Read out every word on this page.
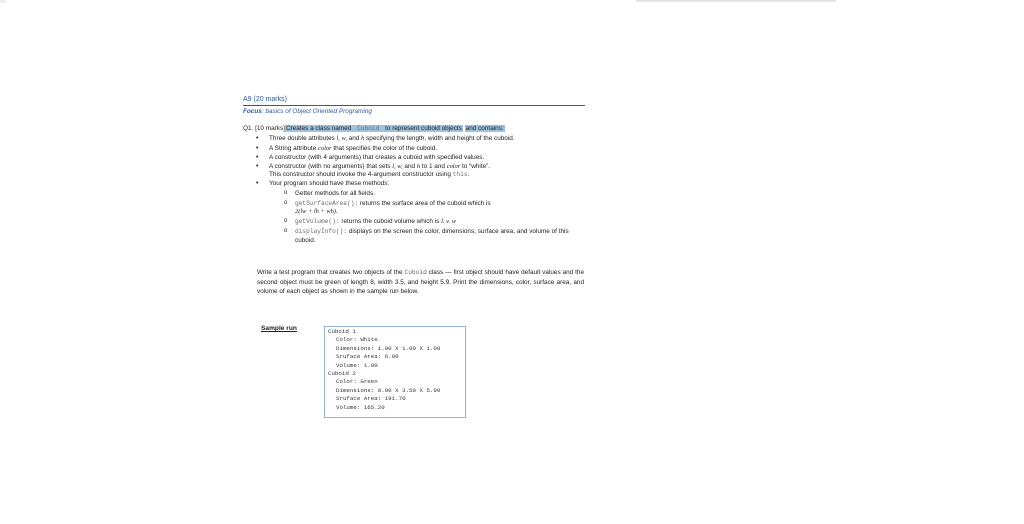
A9 (20 marks)
Focus: basics of Object Oriented Programing
Q1. [10 marks]Creates a class named Cuboid to represent cuboid objects and contains:
• Three double attributes l, w, and h specifying the length, width and height of the cuboid.
• A String attribute color that specifies the color of the cuboid.
• A constructor (with 4 arguments) that creates a cuboid with specified values.
• A constructor (with no arguments) that sets l, w, and h to 1 and color to “white”.
This constructor should invoke the 4-argument constructor using this.
• Your program should have these methods:
o Getter methods for all fields.
o getSurfaceArea(): returns the surface area of the cuboid which is
2(lw + lh + wh).
o getVolume(): returns the cuboid volume which is l. v. w
o displayInfo(): displays on the screen the color, dimensions, surface area, and volume of this cuboid.
Write a test program that creates two objects of the Cuboid class — first object should have default values and the second object must be green of length 8, width 3.5, and height 5.9. Print the dimensions, color, surface area, and volume of each object as shown in the sample run below.
Sample run	Cuboid 1
Color: White
Dimensions: 1.00 X 1.00 X 1.00
Sruface Area: 6.00
Volume: 1.00
Cuboid 2
Color: Green
Dimensions: 8.00 X 3.50 X 5.90
Sruface Area: 191.70
Volume: 165.20
